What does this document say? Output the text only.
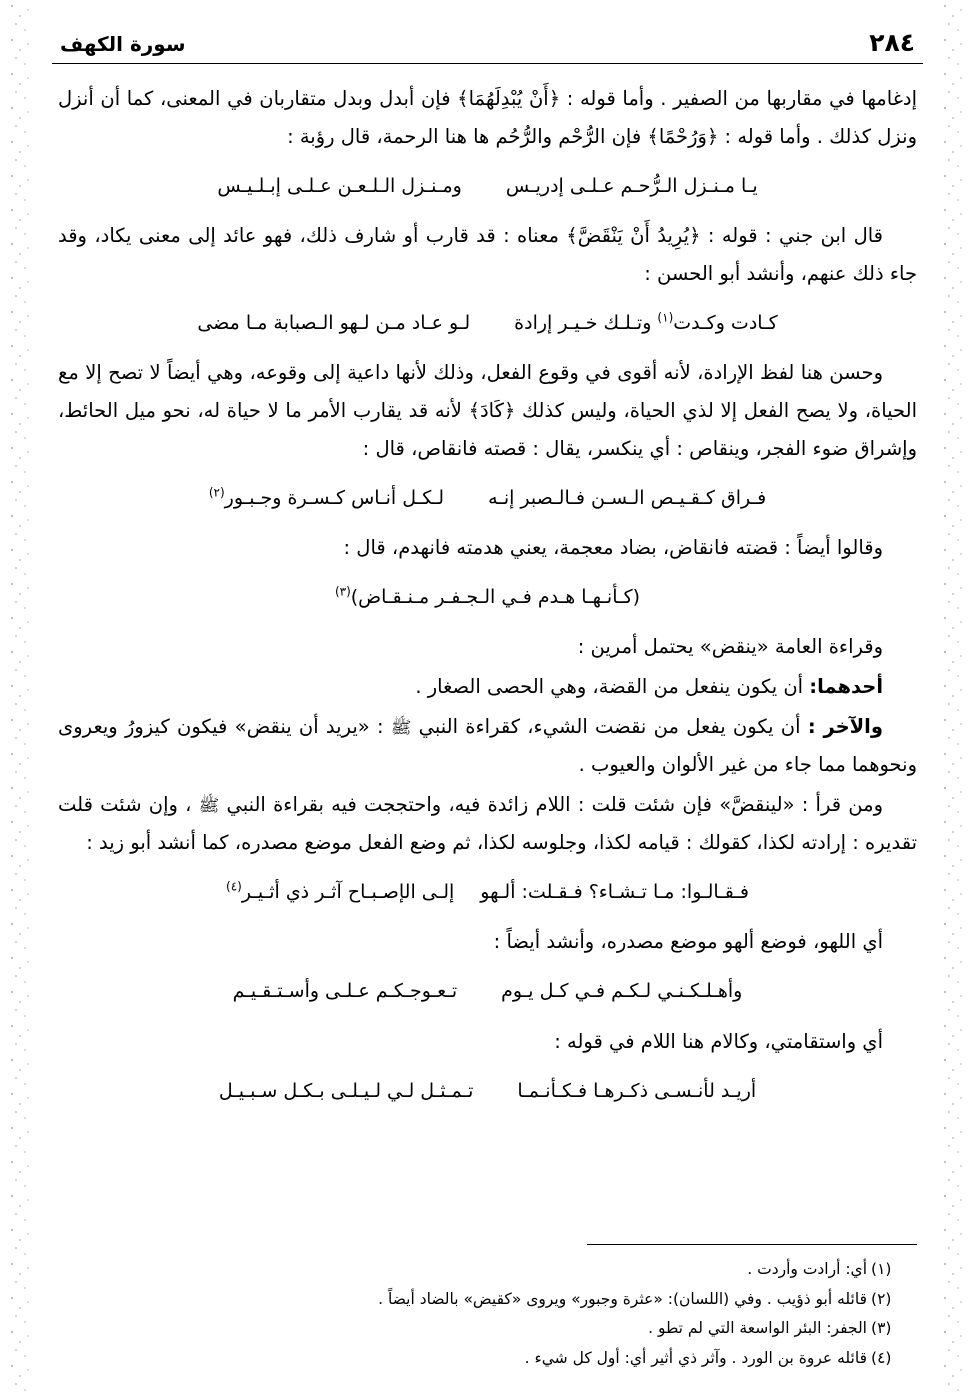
سورة الكهف	٢٨٤

إدغامها في مقاربها من الصفير . وأما قوله : ﴿أَنْ يُبْدِلَهُمَا﴾ فإن أبدل وبدل متقاربان في المعنى، كما أن أنزل ونزل كذلك . وأما قوله : ﴿وَرُحْمًا﴾ فإن الرُّحْم والرُّحُم ها هنا الرحمة، قال رؤبة :

يـا مـنـزل الـرُّحـم عـلـى إدريـس
ومـنـزل الـلـعـن عـلـى إبـلـيـس

قال ابن جني : قوله : ﴿يُرِيدُ أَنْ يَنْقَضَّ﴾ معناه : قد قارب أو شارف ذلك، فهو عائد إلى معنى يكاد، وقد جاء ذلك عنهم، وأنشد أبو الحسن :

كـادت وكـدت$^{(١)}$ وتـلـك خـيـر إرادة
لـو عـاد مـن لـهو الـصبابة مـا مضى

وحسن هنا لفظ الإرادة، لأنه أقوى في وقوع الفعل، وذلك لأنها داعية إلى وقوعه، وهي أيضاً لا تصح إلا مع الحياة، ولا يصح الفعل إلا لذي الحياة، وليس كذلك ﴿كَادَ﴾ لأنه قد يقارب الأمر ما لا حياة له، نحو ميل الحائط، وإشراق ضوء الفجر، وينقاص : أي ينكسر، يقال : قصته فانقاص، قال :

فـراق كـقـيـص الـسـن فـالـصبر إنـه
لـكـل أنـاس كـسـرة وجـبـور$^{(٢)}$

وقالوا أيضاً : قضته فانقاض، بضاد معجمة، يعني هدمته فانهدم، قال :

(كـأنـهـا هـدم فـي الـجـفـر مـنـقـاض)$^{(٣)}$

وقراءة العامة «ينقض» يحتمل أمرين :

أحدهما: أن يكون ينفعل من القضة، وهي الحصى الصغار .

والآخر : أن يكون يفعل من نقضت الشيء، كقراءة النبي ﷺ : «يريد أن ينقض» فيكون كيزورُ ويعروى ونحوهما مما جاء من غير الألوان والعيوب .

ومن قرأ : «لينقضَّ» فإن شئت قلت : اللام زائدة فيه، واحتججت فيه بقراءة النبي ﷺ ، وإن شئت قلت تقديره : إرادته لكذا، كقولك : قيامه لكذا، وجلوسه لكذا، ثم وضع الفعل موضع مصدره، كما أنشد أبو زيد :

فـقـالـوا: مـا تـشـاء؟ فـقـلت: ألـهو
إلـى الإصـبـاح آثـر ذي أثـيـر$^{(٤)}$

أي اللهو، فوضع ألهو موضع مصدره، وأنشد أيضاً :

وأهـلـكـنـي لـكـم فـي كـل يـوم
تـعـوجـكـم عـلـى وأسـتـقـيـم

أي واستقامتي، وكالام هنا اللام في قوله :

أريـد لأنـسـى ذكـرهـا فـكـأنـمـا
تـمـثـل لـي لـيـلـى بـكـل سـبـيـل
(١)
أي: أرادت وأردت .
(٢)
قائله أبو ذؤيب . وفي (اللسان): «عثرة وجبور» ويروى «كقيض» بالضاد أيضاً .
(٣)
الجفر: البئر الواسعة التي لم تطو .
(٤)
قائله عروة بن الورد . وآثر ذي أثير أي: أول كل شيء .
